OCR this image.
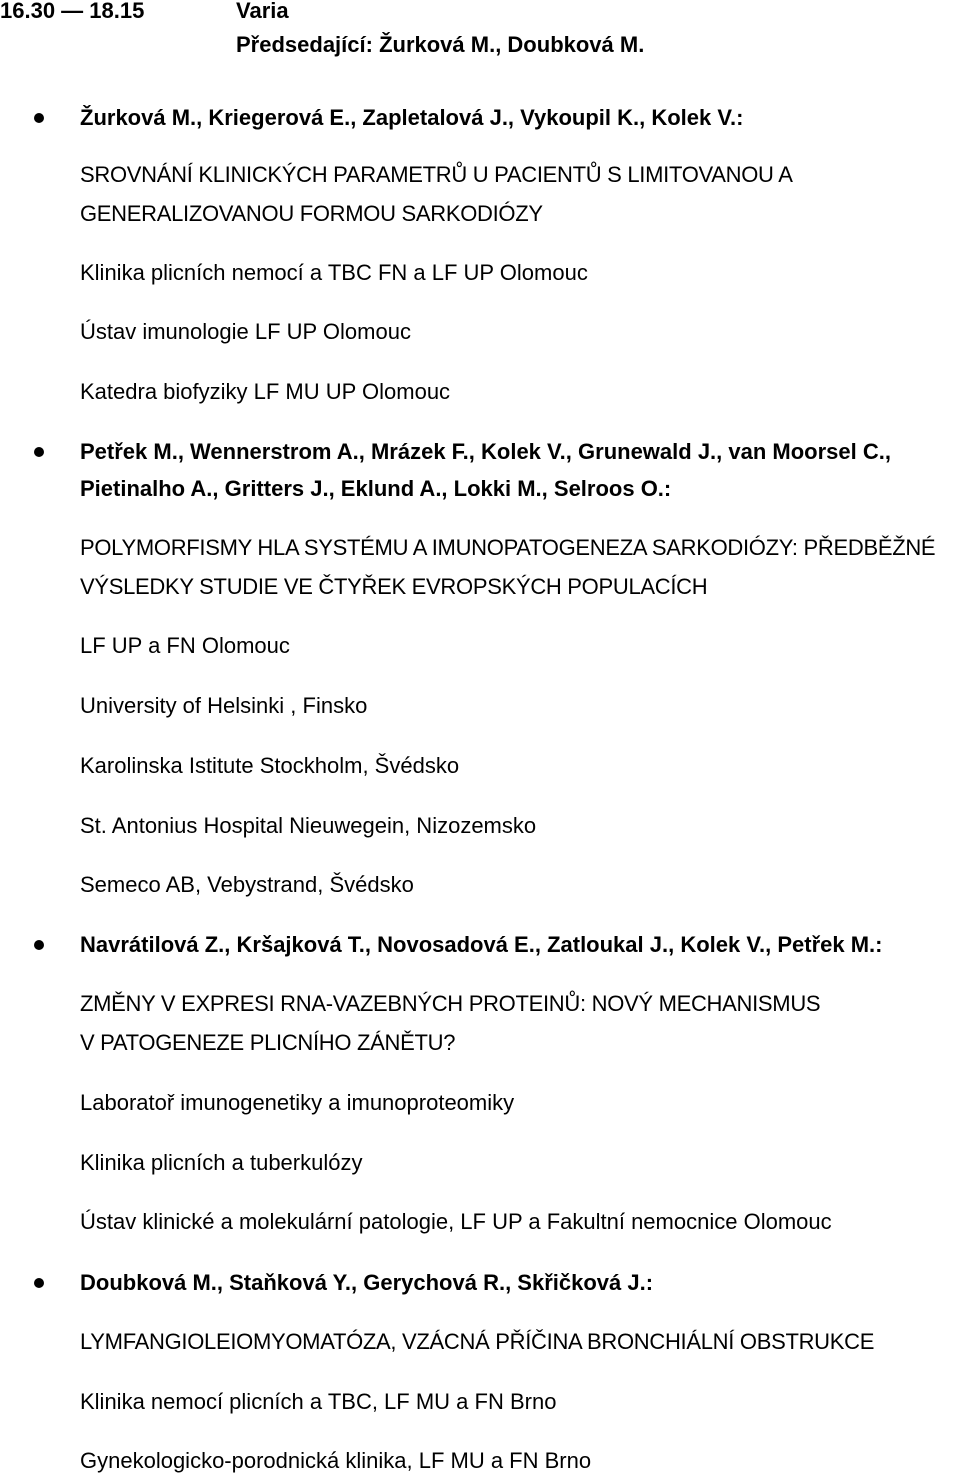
16.30 — 18.15	Varia
Předsedající: Žurková M., Doubková M.
Žurková M., Kriegerová E., Zapletalová J., Vykoupil K., Kolek V.:
SROVNÁNÍ KLINICKÝCH PARAMETRŮ U PACIENTŮ S LIMITOVANOU A
GENERALIZOVANOU FORMOU SARKODIÓZY
Klinika plicních nemocí a TBC FN a LF UP Olomouc
Ústav imunologie LF UP Olomouc
Katedra biofyziky LF MU UP Olomouc
Petřek M., Wennerstrom A., Mrázek F., Kolek V., Grunewald J., van Moorsel C.,
Pietinalho A., Gritters J., Eklund A., Lokki M., Selroos O.:
POLYMORFISMY HLA SYSTÉMU A IMUNOPATOGENEZA SARKODIÓZY: PŘEDBĚŽNÉ
VÝSLEDKY STUDIE VE ČTYŘEK EVROPSKÝCH POPULACÍCH
LF UP a FN Olomouc
University of Helsinki , Finsko
Karolinska Istitute Stockholm, Švédsko
St. Antonius Hospital Nieuwegein, Nizozemsko
Semeco AB, Vebystrand, Švédsko
Navrátilová Z., Kršajková T., Novosadová E., Zatloukal J., Kolek V., Petřek M.:
ZMĚNY V EXPRESI RNA-VAZEBNÝCH PROTEINŮ: NOVÝ MECHANISMUS
V PATOGENEZE PLICNÍHO ZÁNĚTU?
Laboratoř imunogenetiky a imunoproteomiky
Klinika plicních a tuberkulózy
Ústav klinické a molekulární patologie, LF UP a Fakultní nemocnice Olomouc
Doubková M., Staňková Y., Gerychová R., Skřičková J.:
LYMFANGIOLEIOMYOMATÓZA, VZÁCNÁ PŘÍČINA BRONCHIÁLNÍ OBSTRUKCE
Klinika nemocí plicních a TBC, LF MU a FN Brno
Gynekologicko-porodnická klinika, LF MU a FN Brno
